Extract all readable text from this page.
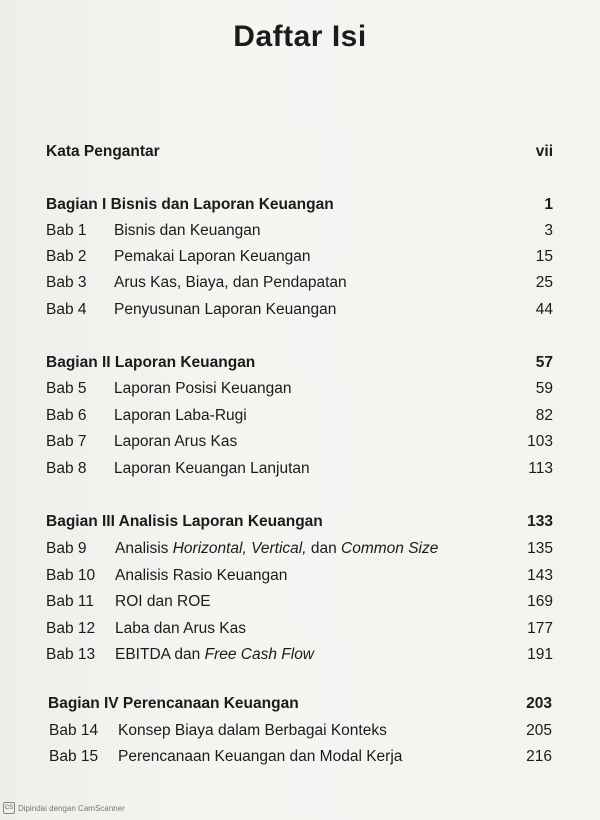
Daftar Isi
Kata Pengantar	vii
Bagian I Bisnis dan Laporan Keuangan	1
Bab 1 Bisnis dan Keuangan	3
Bab 2 Pemakai Laporan Keuangan	15
Bab 3 Arus Kas, Biaya, dan Pendapatan	25
Bab 4 Penyusunan Laporan Keuangan	44
Bagian II Laporan Keuangan	57
Bab 5 Laporan Posisi Keuangan	59
Bab 6 Laporan Laba-Rugi	82
Bab 7 Laporan Arus Kas	103
Bab 8 Laporan Keuangan Lanjutan	113
Bagian III Analisis Laporan Keuangan	133
Bab 9 Analisis Horizontal, Vertical, dan Common Size	135
Bab 10 Analisis Rasio Keuangan	143
Bab 11 ROI dan ROE	169
Bab 12 Laba dan Arus Kas	177
Bab 13 EBITDA dan Free Cash Flow	191
Bagian IV Perencanaan Keuangan	203
Bab 14 Konsep Biaya dalam Berbagai Konteks	205
Bab 15 Perencanaan Keuangan dan Modal Kerja	216
CS Dipindai dengan CamScanner
